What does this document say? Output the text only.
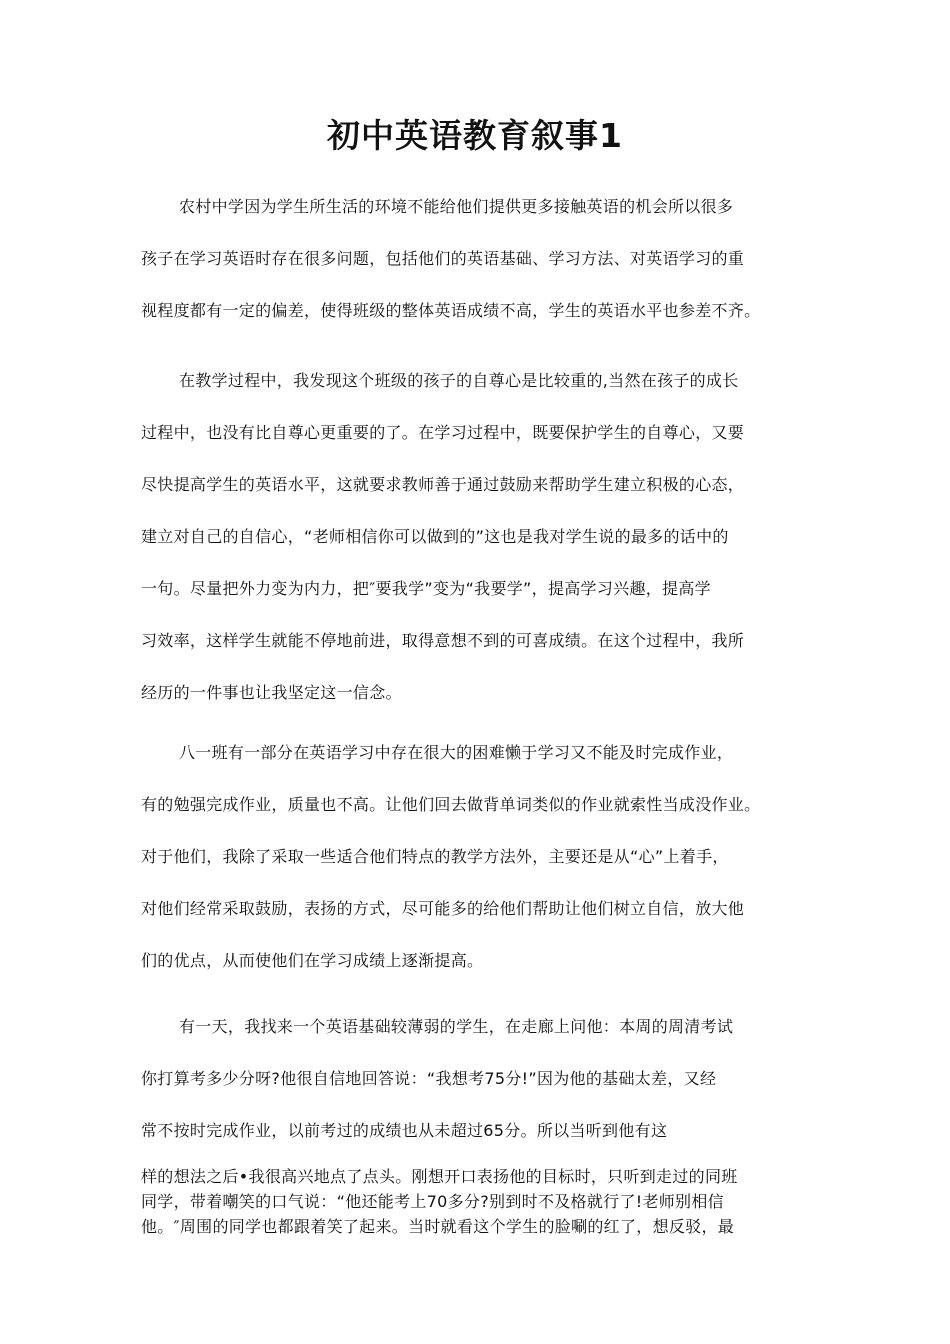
初中英语教育叙事1
农村中学因为学生所生活的环境不能给他们提供更多接触英语的机会所以很多
孩子在学习英语时存在很多问题，包括他们的英语基础、学习方法、对英语学习的重
视程度都有一定的偏差，使得班级的整体英语成绩不高，学生的英语水平也参差不齐。
在教学过程中，我发现这个班级的孩子的自尊心是比较重的,当然在孩子的成长
过程中，也没有比自尊心更重要的了。在学习过程中，既要保护学生的自尊心，又要
尽快提高学生的英语水平，这就要求教师善于通过鼓励来帮助学生建立积极的心态，
建立对自己的自信心，“老师相信你可以做到的”这也是我对学生说的最多的话中的
一句。尽量把外力变为内力，把″要我学”变为“我要学”，提高学习兴趣，提高学
习效率，这样学生就能不停地前进，取得意想不到的可喜成绩。在这个过程中，我所
经历的一件事也让我坚定这一信念。
八一班有一部分在英语学习中存在很大的困难懒于学习又不能及时完成作业，
有的勉强完成作业，质量也不高。让他们回去做背单词类似的作业就索性当成没作业。
对于他们，我除了采取一些适合他们特点的教学方法外，主要还是从“心”上着手，
对他们经常采取鼓励，表扬的方式，尽可能多的给他们帮助让他们树立自信，放大他
们的优点，从而使他们在学习成绩上逐渐提高。
有一天，我找来一个英语基础较薄弱的学生，在走廊上问他：本周的周清考试
你打算考多少分呀?他很自信地回答说：“我想考75分!”因为他的基础太差，又经
常不按时完成作业，以前考过的成绩也从未超过65分。所以当听到他有这
样的想法之后•我很高兴地点了点头。刚想开口表扬他的目标时，只听到走过的同班
同学，带着嘲笑的口气说：“他还能考上70多分?别到时不及格就行了!老师别相信
他。″周围的同学也都跟着笑了起来。当时就看这个学生的脸唰的红了，想反驳，最
